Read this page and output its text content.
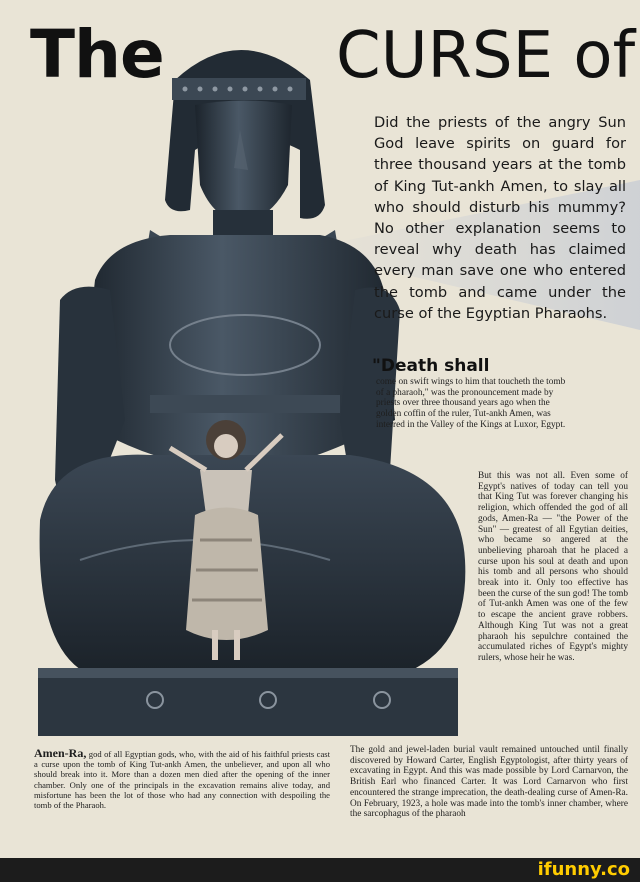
The	CURSE of
Did the priests of the angry Sun God leave spirits on guard for three thousand years at the tomb of King Tut-ankh Amen, to slay all who should disturb his mummy? No other explanation seems to reveal why death has claimed every man save one who entered the tomb and came under the curse of the Egyptian Pharaohs.
"Death shall
come on swift wings to him that toucheth the tomb of a pharaoh," was the pronouncement made by priests over three thousand years ago when the golden coffin of the ruler, Tut-ankh Amen, was interred in the Valley of the Kings at Luxor, Egypt.
But this was not all. Even some of Egypt's natives of today can tell you that King Tut was forever changing his religion, which offended the god of all gods, Amen-Ra — "the Power of the Sun" — greatest of all Egytian deities, who became so angered at the unbelieving pharoah that he placed a curse upon his soul at death and upon his tomb and all persons who should break into it. Only too effective has been the curse of the sun god! The tomb of Tut-ankh Amen was one of the few to escape the ancient grave robbers. Although King Tut was not a great pharaoh his sepulchre contained the accumulated riches of Egypt's mighty rulers, whose heir he was.
The gold and jewel-laden burial vault remained untouched until finally discovered by Howard Carter, English Egyptologist, after thirty years of excavating in Egypt. And this was made possible by Lord Carnarvon, the British Earl who financed Carter. It was Lord Carnarvon who first encountered the strange imprecation, the death-dealing curse of Amen-Ra. On February, 1923, a hole was made into the tomb's inner chamber, where the sarcophagus of the pharaoh
Amen-Ra, god of all Egyptian gods, who, with the aid of his faithful priests cast a curse upon the tomb of King Tut-ankh Amen, the unbeliever, and upon all who should break into it. More than a dozen men died after the opening of the inner chamber. Only one of the principals in the excavation remains alive today, and misfortune has been the lot of those who had any connection with despoiling the tomb of the Pharaoh.
ifunny.co
